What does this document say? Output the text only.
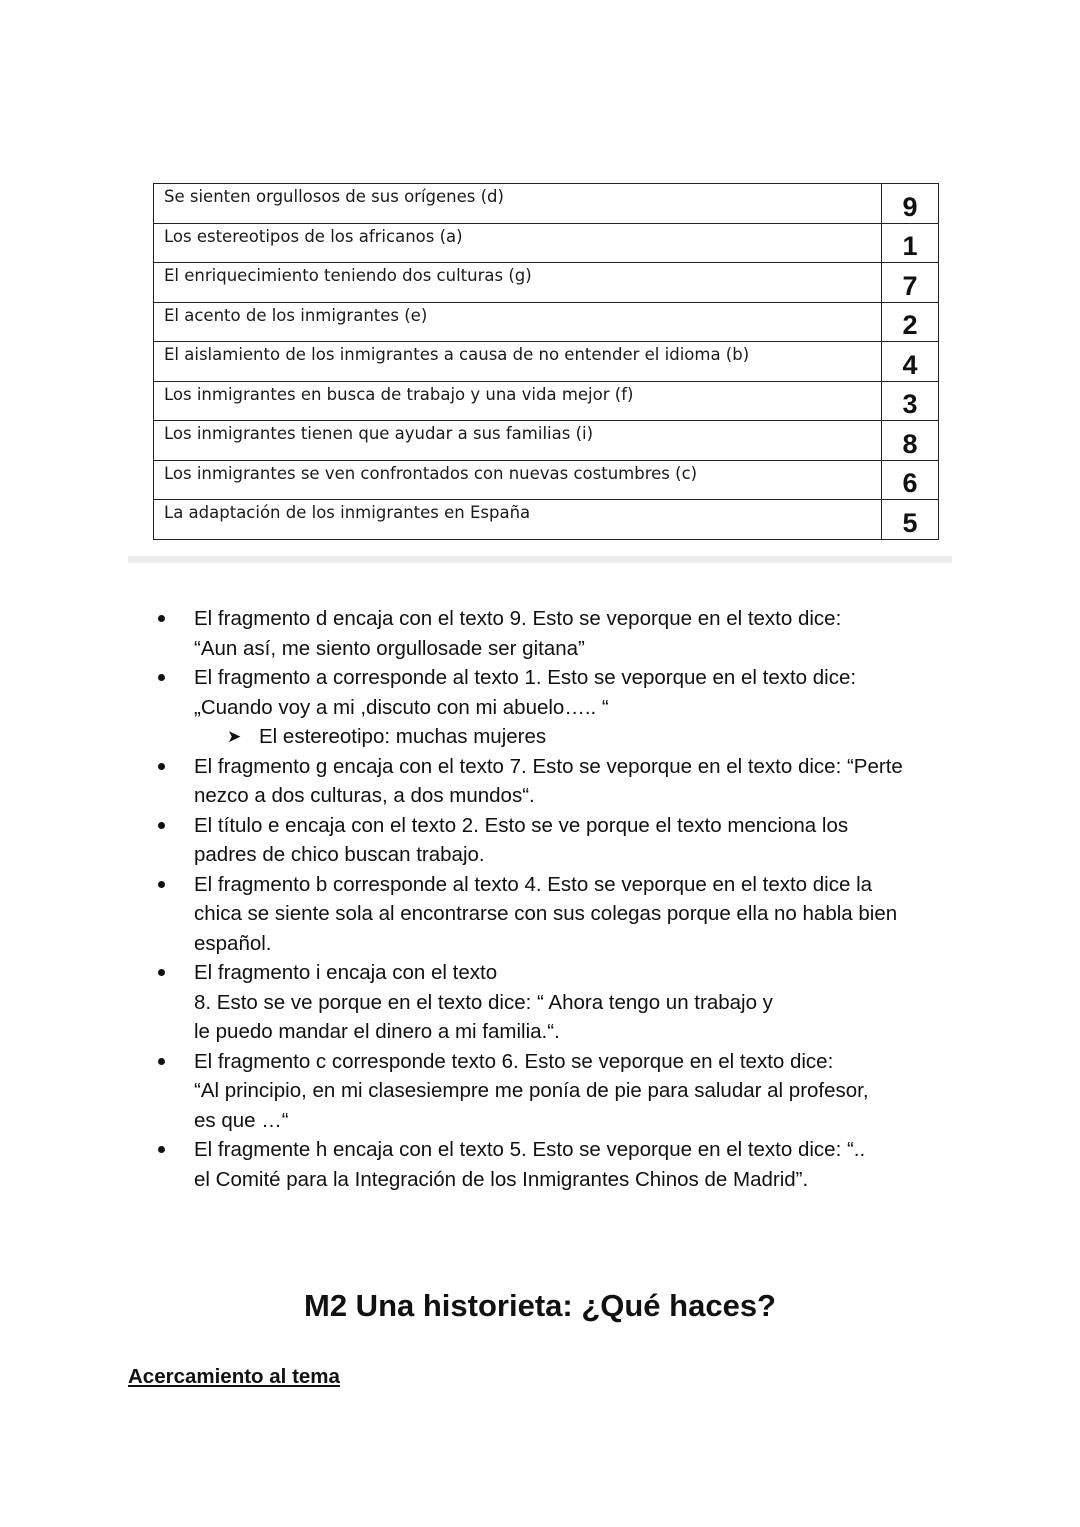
Se sienten orgullosos de sus orígenes (d)	9
Los estereotipos de los africanos (a)	1
El enriquecimiento teniendo dos culturas (g)	7
El acento de los inmigrantes (e)	2
El aislamiento de los inmigrantes a causa de no entender el idioma (b)	4
Los inmigrantes en busca de trabajo y una vida mejor (f)	3
Los inmigrantes tienen que ayudar a sus familias (i)	8
Los inmigrantes se ven confrontados con nuevas costumbres (c)	6
La adaptación de los inmigrantes en España	5
El fragmento d encaja con el texto 9. Esto se veporque en el texto dice:
“Aun así, me siento orgullosade ser gitana”
El fragmento a corresponde al texto 1. Esto se veporque en el texto dice:
„Cuando voy a mi ,discuto con mi abuelo….. “
➤ El estereotipo: muchas mujeres
El fragmento g encaja con el texto 7. Esto se veporque en el texto dice: “Perte
nezco a dos culturas, a dos mundos“.
El título e encaja con el texto 2. Esto se ve porque el texto menciona los
padres de chico buscan trabajo.
El fragmento b corresponde al texto 4. Esto se veporque en el texto dice la
chica se siente sola al encontrarse con sus colegas porque ella no habla bien
español.
El fragmento i encaja con el texto
8. Esto se ve porque en el texto dice: “ Ahora tengo un trabajo y
le puedo mandar el dinero a mi familia.“.
El fragmento c corresponde texto 6. Esto se veporque en el texto dice:
“Al principio, en mi clasesiempre me ponía de pie para saludar al profesor,
es que …“
El fragmente h encaja con el texto 5. Esto se veporque en el texto dice: “..
el Comité para la Integración de los Inmigrantes Chinos de Madrid”.
M2 Una historieta: ¿Qué haces?

Acercamiento al tema
